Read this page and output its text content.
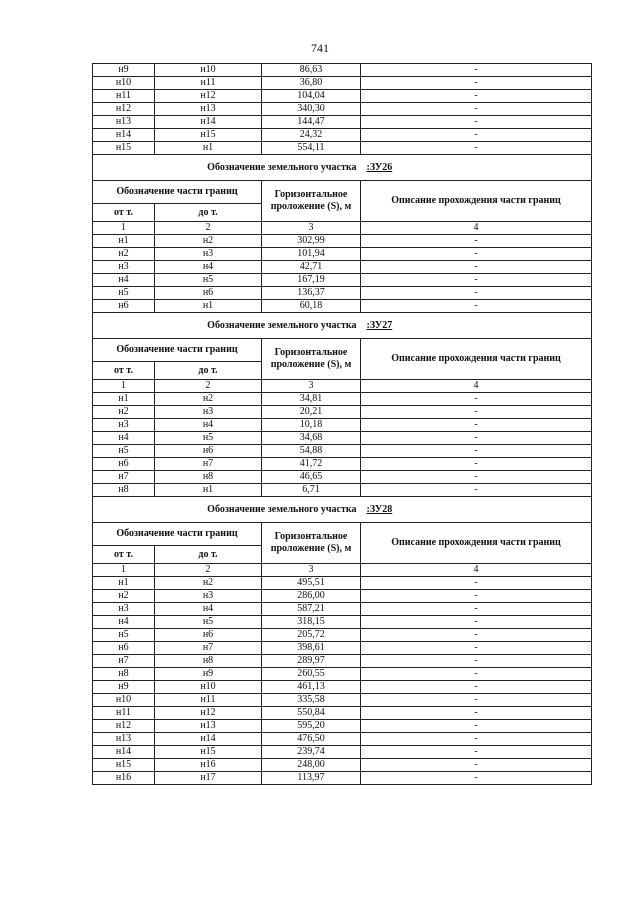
741
н9	н10	86,63	-
н10	н11	36,80	-
н11	н12	104,04	-
н12	н13	340,30	-
н13	н14	144,47	-
н14	н15	24,32	-
н15	н1	554,11	-
Обозначение земельного участка			:ЗУ26
Обозначение части границ		Горизонтальное проложение (S), м	Описание прохождения части границ
от т.	до т.		
1	2	3	4
н1	н2	302,99	-
н2	н3	101,94	-
н3	н4	42,71	-
н4	н5	167,19	-
н5	н6	136,37	-
н6	н1	60,18	-
Обозначение земельного участка			:ЗУ27
Обозначение части границ		Горизонтальное проложение (S), м	Описание прохождения части границ
от т.	до т.		
1	2	3	4
н1	н2	34,81	-
н2	н3	20,21	-
н3	н4	10,18	-
н4	н5	34,68	-
н5	н6	54,88	-
н6	н7	41,72	-
н7	н8	46,65	-
н8	н1	6,71	-
Обозначение земельного участка			:ЗУ28
Обозначение части границ		Горизонтальное проложение (S), м	Описание прохождения части границ
от т.	до т.		
1	2	3	4
н1	н2	495,51	-
н2	н3	286,00	-
н3	н4	587,21	-
н4	н5	318,15	-
н5	н6	205,72	-
н6	н7	398,61	-
н7	н8	289,97	-
н8	н9	260,55	-
н9	н10	461,13	-
н10	н11	335,58	-
н11	н12	550,84	-
н12	н13	595,20	-
н13	н14	476,50	-
н14	н15	239,74	-
н15	н16	248,00	-
н16	н17	113,97	-
